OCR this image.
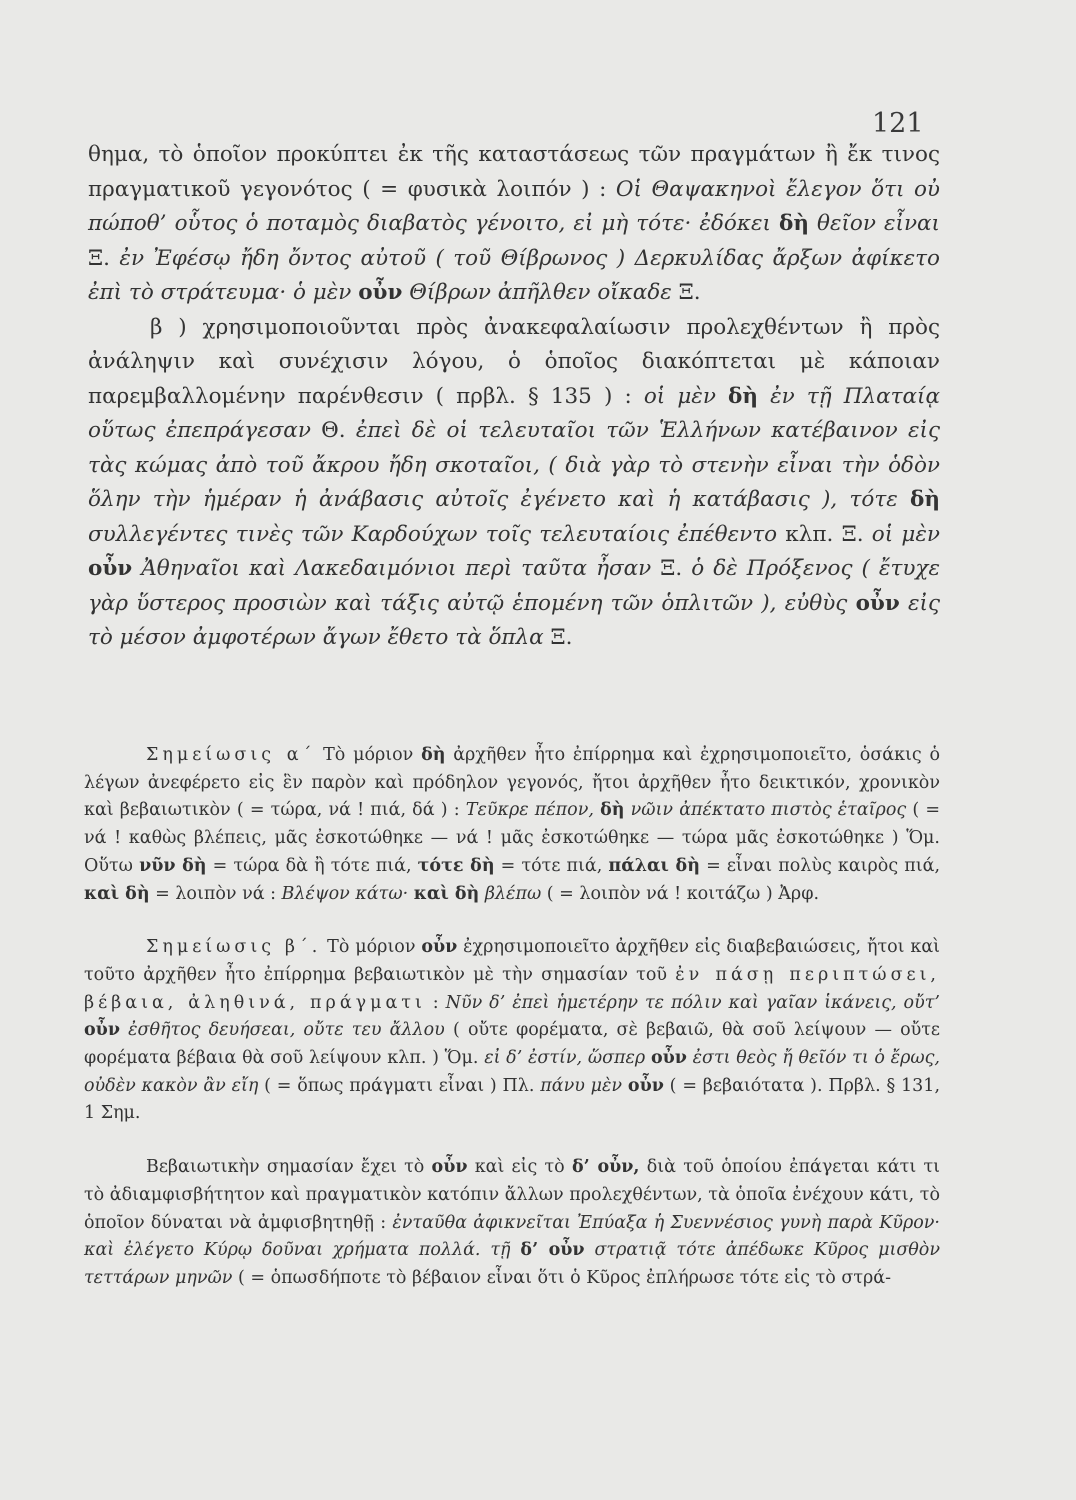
121

θημα, τὸ ὁποῖον προκύπτει ἐκ τῆς καταστάσεως τῶν πραγμάτων ἢ ἔκ τινος πραγματικοῦ γεγονότος ( = φυσικὰ λοιπόν ) : Οἱ Θαψακηνοὶ ἔλεγον ὅτι οὐ πώποθ’ οὗτος ὁ ποταμὸς διαβατὸς γένοιτο, εἰ μὴ τότε· ἐδόκει δὴ θεῖον εἶναι Ξ. ἐν Ἐφέσῳ ἤδη ὄντος αὐτοῦ ( τοῦ Θίβρωνος ) Δερκυλίδας ἄρξων ἀφίκετο ἐπὶ τὸ στράτευμα· ὁ μὲν οὖν Θίβρων ἀπῆλθεν οἴκαδε Ξ.

β ) χρησιμοποιοῦνται πρὸς ἀνακεφαλαίωσιν προλεχθέντων ἢ πρὸς ἀνάληψιν καὶ συνέχισιν λόγου, ὁ ὁποῖος διακόπτεται μὲ κάποιαν παρεμβαλλομένην παρένθεσιν ( πρβλ. § 135 ) : οἱ μὲν δὴ ἐν τῇ Πλαταίᾳ οὕτως ἐπεπράγεσαν Θ. ἐπεὶ δὲ οἱ τελευταῖοι τῶν Ἑλλήνων κατέβαινον εἰς τὰς κώμας ἀπὸ τοῦ ἄκρου ἤδη σκοταῖοι, ( διὰ γὰρ τὸ στενὴν εἶναι τὴν ὁδὸν ὅλην τὴν ἡμέραν ἡ ἀνάβασις αὐτοῖς ἐγένετο καὶ ἡ κατάβασις ), τότε δὴ συλλεγέντες τινὲς τῶν Καρδούχων τοῖς τελευταίοις ἐπέθεντο κλπ. Ξ. οἱ μὲν οὖν Ἀθηναῖοι καὶ Λακεδαιμόνιοι περὶ ταῦτα ἦσαν Ξ. ὁ δὲ Πρόξενος ( ἔτυχε γὰρ ὕστερος προσιὼν καὶ τάξις αὐτῷ ἑπομένη τῶν ὁπλιτῶν ), εὐθὺς οὖν εἰς τὸ μέσον ἀμφοτέρων ἄγων ἔθετο τὰ ὅπλα Ξ.

Σημείωσις α΄ Τὸ μόριον δὴ ἀρχῆθεν ἦτο ἐπίρρημα καὶ ἐχρησιμοποιεῖτο, ὁσάκις ὁ λέγων ἀνεφέρετο εἰς ἓν παρὸν καὶ πρόδηλον γεγονός, ἤτοι ἀρχῆθεν ἦτο δεικτικόν, χρονικὸν καὶ βεβαιωτικὸν ( = τώρα, νά ! πιά, δά ) : Τεῦκρε πέπον, δὴ νῶιν ἀπέκτατο πιστὸς ἑταῖρος ( = νά ! καθὼς βλέπεις, μᾶς ἐσκοτώθηκε — νά ! μᾶς ἐσκοτώθηκε — τώρα μᾶς ἐσκοτώθηκε ) Ὅμ. Οὕτω νῦν δὴ = τώρα δὰ ἢ τότε πιά, τότε δὴ = τότε πιά, πάλαι δὴ = εἶναι πολὺς καιρὸς πιά, καὶ δὴ = λοιπὸν νά : Βλέψον κάτω· καὶ δὴ βλέπω ( = λοιπὸν νά ! κοιτάζω ) Ἀρφ.

Σημείωσις β΄. Τὸ μόριον οὖν ἐχρησιμοποιεῖτο ἀρχῆθεν εἰς διαβεβαιώσεις, ἤτοι καὶ τοῦτο ἀρχῆθεν ἦτο ἐπίρρημα βεβαιωτικὸν μὲ τὴν σημασίαν τοῦ ἐν πάσῃ περιπτώσει, βέβαια, ἀληθινά, πράγματι : Νῦν δ’ ἐπεὶ ἡμετέρην τε πόλιν καὶ γαῖαν ἱκάνεις, οὔτ’ οὖν ἐσθῆτος δευήσεαι, οὔτε τευ ἄλλου ( οὔτε φορέματα, σὲ βεβαιῶ, θὰ σοῦ λείψουν — οὔτε φορέματα βέβαια θὰ σοῦ λείψουν κλπ. ) Ὅμ. εἰ δ’ ἐστίν, ὥσπερ οὖν ἐστι θεὸς ἤ θεῖόν τι ὁ ἔρως, οὐδὲν κακὸν ἂν εἴη ( = ὅπως πράγματι εἶναι ) Πλ. πάνυ μὲν οὖν ( = βεβαιότατα ). Πρβλ. § 131, 1 Σημ.

Βεβαιωτικὴν σημασίαν ἔχει τὸ οὖν καὶ εἰς τὸ δ’ οὖν, διὰ τοῦ ὁποίου ἐπάγεται κάτι τι τὸ ἀδιαμφισβήτητον καὶ πραγματικὸν κατόπιν ἄλλων προλεχθέντων, τὰ ὁποῖα ἐνέχουν κάτι, τὸ ὁποῖον δύναται νὰ ἀμφισβητηθῇ : ἐνταῦθα ἀφικνεῖται Ἐπύαξα ἡ Συεννέσιος γυνὴ παρὰ Κῦρον· καὶ ἐλέγετο Κύρῳ δοῦναι χρήματα πολλά. τῇ δ’ οὖν στρατιᾷ τότε ἀπέδωκε Κῦρος μισθὸν τεττάρων μηνῶν ( = ὁπωσδήποτε τὸ βέβαιον εἶναι ὅτι ὁ Κῦρος ἐπλήρωσε τότε εἰς τὸ στρά-
